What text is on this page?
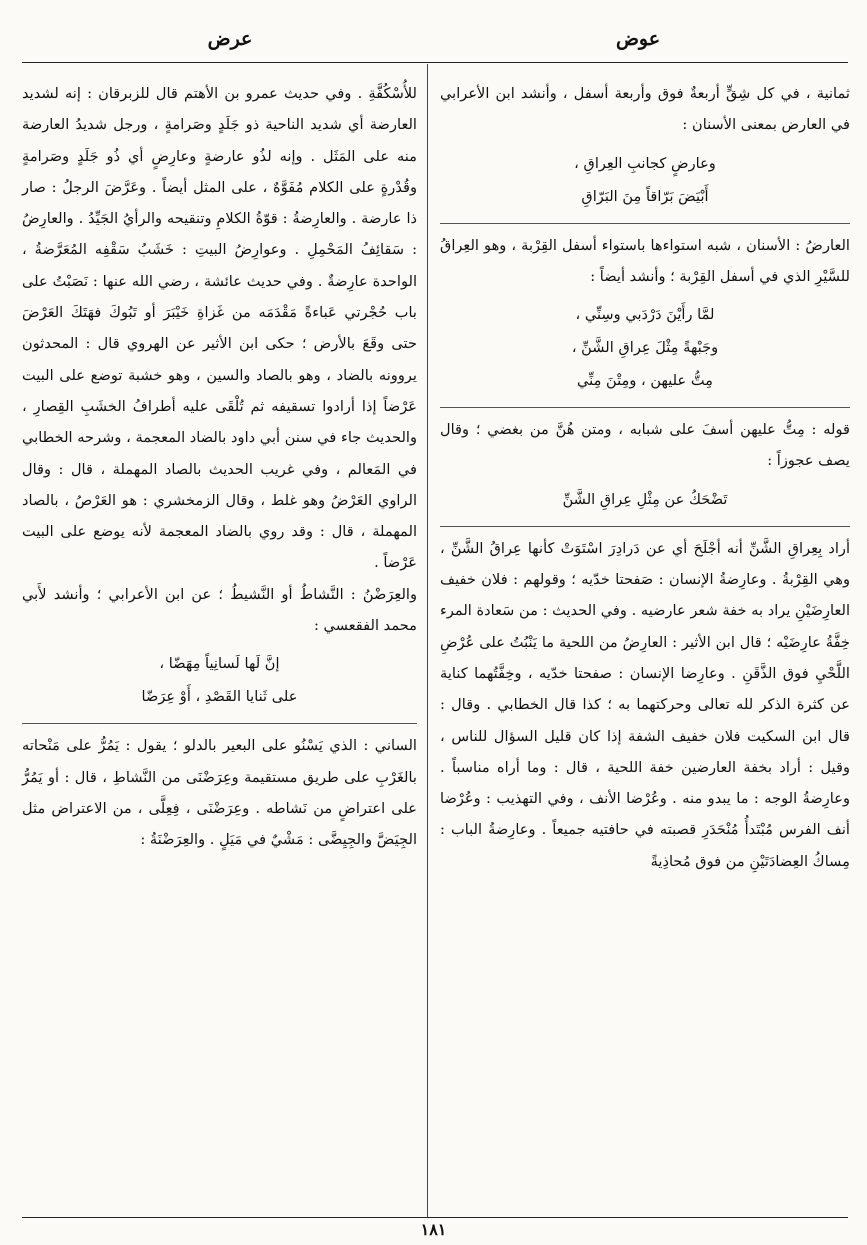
عوض
عرض

ثمانية ، في كل شِقٍّ أربعةٌ فوق وأربعة أسفل ، وأنشد ابن الأعرابي في العارض بمعنى الأسنان :

وعارضٍ كجانبِ العِراقِ ،
أَبْيَضَ بَرّاقاً مِنَ البَرّاقِ

العارضُ : الأسنان ، شبه استواءها باستواء أسفل القِرْبة ، وهو العِراقُ للسَّيْرِ الذي في أسفل القِرْبة ؛ وأنشد أيضاً :

لمَّا رأَيْنَ دَرْدَبي وسِنِّي ،
وجَبْهةً مِثْلَ عِراقِ الشَّنِّ ،
مِتُّ عليهن ، ومِتْنَ مِنِّي

قوله : مِتُّ عليهن أسفَ على شبابه ، ومتن هُنَّ من بغضي ؛ وقال يصف عجوزاً :

تَضْحَكُ عن مِثْلِ عِراقِ الشَّنِّ

أراد بِعِراقِ الشَّنِّ أنه أجْلَحَ أي عن دَرادِرَ اسْتَوَتْ كأنها عِراقُ الشَّنِّ ، وهي القِرْبةُ . وعارِضةُ الإنسان : صَفحتا خدّيه ؛ وقولهم : فلان خفيف العارِضَيْنِ يراد به خفة شعر عارضيه . وفي الحديث : من سَعادة المرء خِفَّةُ عارِضَيْه ؛ قال ابن الأثير : العارِضُ من اللحية ما يَنْبُتُ على عُرْضِ اللَّحْيِ فوق الذَّقَنِ . وعارِضا الإنسان : صفحتا خدّيه ، وخِفَّتُهما كناية عن كثرة الذكر لله تعالى وحركتهما به ؛ كذا قال الخطابي . وقال : قال ابن السكيت فلان خفيف الشفة إذا كان قليل السؤال للناس ، وقيل : أراد بخفة العارضين خفة اللحية ، قال : وما أراه مناسباً . وعارِضةُ الوجه : ما يبدو منه . وعُرْضا الأنف ، وفي التهذيب : وعُرْضا أنف الفرس مُبْتَدأُ مُنْحَدَرِ قصبته في حافتيه جميعاً . وعارِضةُ الباب : مِساكُ العِضادَتَيْنِ من فوق مُحاذِيةً

للأُسْكُفَّةِ . وفي حديث عمرو بن الأهتم قال للزبرقان : إنه لشديد العارضة أي شديد الناحية ذو جَلَدٍ وصَرامةٍ ، ورجل شديدُ العارضة منه على المَثَل . وإنه لذُو عارضةٍ وعارِضٍ أي ذُو جَلَدٍ وصَرامةٍ وقُدْرةٍ على الكلام مُفَوَّهٌ ، على المثل أيضاً . وعَرَّضَ الرجلُ : صار ذا عارضة . والعارِضةُ : قوّةُ الكلامِ وتنقيحه والرأيُ الجَيِّدُ . والعارِضُ : سَقائِفُ المَحْمِلِ . وعوارِضُ البيتِ : خَشَبُ سَقْفِه المُعَرَّضةُ ، الواحدة عارِضةٌ . وفي حديث عائشة ، رضي الله عنها : نَصَبْتُ على باب حُجْرتي عَباءةً مَقْدَمَه من غَزاةِ خَيْبَرَ أو تَبُوكَ فهَتَكَ العَرْضَ حتى وقَعَ بالأرض ؛ حكى ابن الأثير عن الهروي قال : المحدثون يروونه بالضاد ، وهو بالصاد والسين ، وهو خشبة توضع على البيت عَرْضاً إذا أرادوا تسقيفه ثم تُلْقَى عليه أطرافُ الخشَبِ القِصارِ ، والحديث جاء في سنن أبي داود بالضاد المعجمة ، وشرحه الخطابي في المَعالم ، وفي غريب الحديث بالصاد المهملة ، قال : وقال الراوي العَرْضُ وهو غلط ، وقال الزمخشري : هو العَرْصُ ، بالصاد المهملة ، قال : وقد روي بالضاد المعجمة لأنه يوضع على البيت عَرْضاً .

والعِرَضْنُ : النَّشاطُ أو النَّشيطُ ؛ عن ابن الأعرابي ؛ وأنشد لأَبي محمد الفقعسي :

إنَّ لَها لَسانِياً مِهَضّا ،
على ثَنايا القَصْدِ ، أَوْ عِرَضّا

الساني : الذي يَسْنُو على البعير بالدلو ؛ يقول : يَمُرُّ على مَنْحاته بالغَرْبِ على طريق مستقيمة وعِرَضْنَى من النَّشاطِ ، قال : أو يَمُرُّ على اعتراضٍ من نَشاطه . وعِرَضْنَى ، فِعِلَّى ، من الاعتراض مثل الجِيَضَّ والجِيِضَّى : مَشْيٌ في مَيَلٍ . والعِرَضْنَةُ :

١٨١
